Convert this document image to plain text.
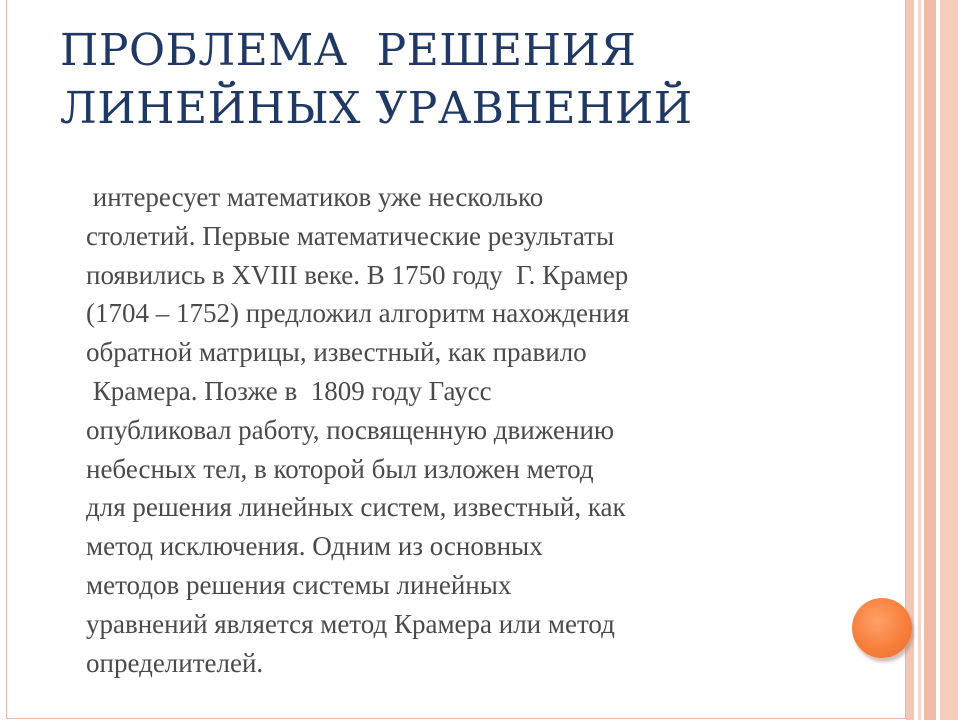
ПРОБЛЕМА  РЕШЕНИЯ
ЛИНЕЙНЫХ УРАВНЕНИЙ
интересует математиков уже несколько
столетий. Первые математические результаты
появились в XVIII веке. В 1750 году  Г. Крамер
(1704 – 1752) предложил алгоритм нахождения
обратной матрицы, известный, как правило
Крамера. Позже в  1809 году Гаусс
опубликовал работу, посвященную движению
небесных тел, в которой был изложен метод
для решения линейных систем, известный, как
метод исключения. Одним из основных
методов решения системы линейных
уравнений является метод Крамера или метод
определителей.
